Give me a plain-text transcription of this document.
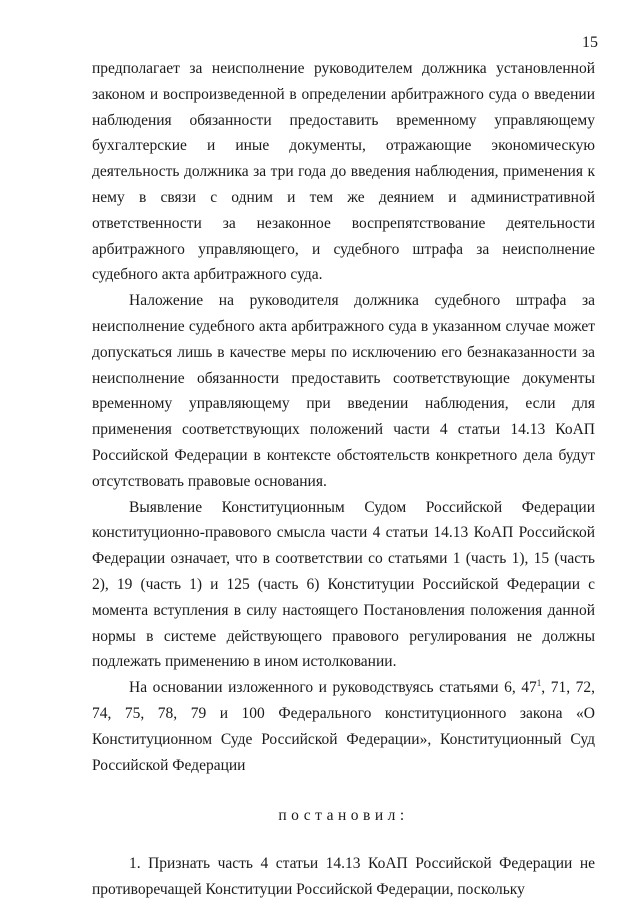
15

предполагает за неисполнение руководителем должника установленной законом и воспроизведенной в определении арбитражного суда о введении наблюдения обязанности предоставить временному управляющему бухгалтерские и иные документы, отражающие экономическую деятельность должника за три года до введения наблюдения, применения к нему в связи с одним и тем же деянием и административной ответственности за незаконное воспрепятствование деятельности арбитражного управляющего, и судебного штрафа за неисполнение судебного акта арбитражного суда.

Наложение на руководителя должника судебного штрафа за неисполнение судебного акта арбитражного суда в указанном случае может допускаться лишь в качестве меры по исключению его безнаказанности за неисполнение обязанности предоставить соответствующие документы временному управляющему при введении наблюдения, если для применения соответствующих положений части 4 статьи 14.13 КоАП Российской Федерации в контексте обстоятельств конкретного дела будут отсутствовать правовые основания.

Выявление Конституционным Судом Российской Федерации конституционно-правового смысла части 4 статьи 14.13 КоАП Российской Федерации означает, что в соответствии со статьями 1 (часть 1), 15 (часть 2), 19 (часть 1) и 125 (часть 6) Конституции Российской Федерации с момента вступления в силу настоящего Постановления положения данной нормы в системе действующего правового регулирования не должны подлежать применению в ином истолковании.

На основании изложенного и руководствуясь статьями 6, $47^1$, 71, 72, 74, 75, 78, 79 и 100 Федерального конституционного закона «О Конституционном Суде Российской Федерации», Конституционный Суд Российской Федерации

постановил:

1. Признать часть 4 статьи 14.13 КоАП Российской Федерации не противоречащей Конституции Российской Федерации, поскольку
